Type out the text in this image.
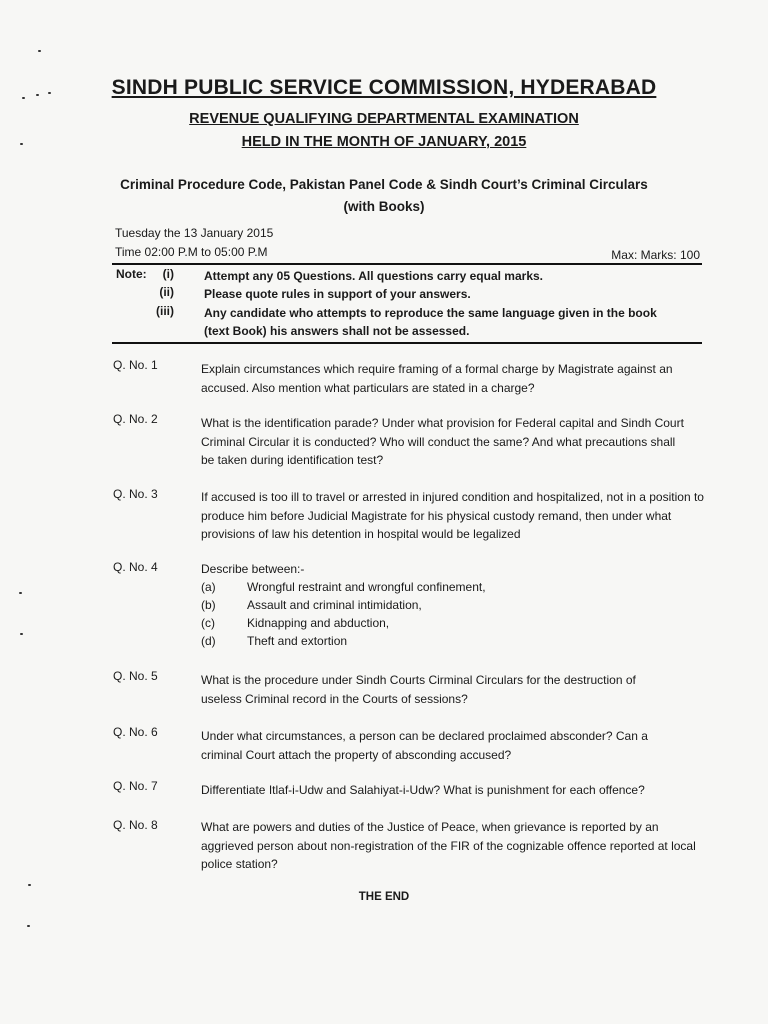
SINDH PUBLIC SERVICE COMMISSION, HYDERABAD
REVENUE QUALIFYING DEPARTMENTAL EXAMINATION
HELD IN THE MONTH OF JANUARY, 2015
Criminal Procedure Code, Pakistan Panel Code & Sindh Court’s Criminal Circulars
(with Books)
Tuesday the 13 January 2015
Time 02:00 P.M to 05:00 P.M	Max: Marks: 100
Note:	(i)	Attempt any 05 Questions. All questions carry equal marks.
(ii)	Please quote rules in support of your answers.
(iii)	Any candidate who attempts to reproduce the same language given in the book (text Book) his answers shall not be assessed.
Q. No. 1	Explain circumstances which require framing of a formal charge by Magistrate against an accused. Also mention what particulars are stated in a charge?
Q. No. 2	What is the identification parade? Under what provision for Federal capital and Sindh Court Criminal Circular it is conducted? Who will conduct the same? And what precautions shall be taken during identification test?
Q. No. 3	If accused is too ill to travel or arrested in injured condition and hospitalized, not in a position to produce him before Judicial Magistrate for his physical custody remand, then under what provisions of law his detention in hospital would be legalized
Q. No. 4	Describe between:-
(a)	Wrongful restraint and wrongful confinement,
(b)	Assault and criminal intimidation,
(c)	Kidnapping and abduction,
(d)	Theft and extortion
Q. No. 5	What is the procedure under Sindh Courts Cirminal Circulars for the destruction of useless Criminal record in the Courts of sessions?
Q. No. 6	Under what circumstances, a person can be declared proclaimed absconder? Can a criminal Court attach the property of absconding accused?
Q. No. 7	Differentiate Itlaf-i-Udw and Salahiyat-i-Udw? What is punishment for each offence?
Q. No. 8	What are powers and duties of the Justice of Peace, when grievance is reported by an aggrieved person about non-registration of the FIR of the cognizable offence reported at local police station?
THE END
